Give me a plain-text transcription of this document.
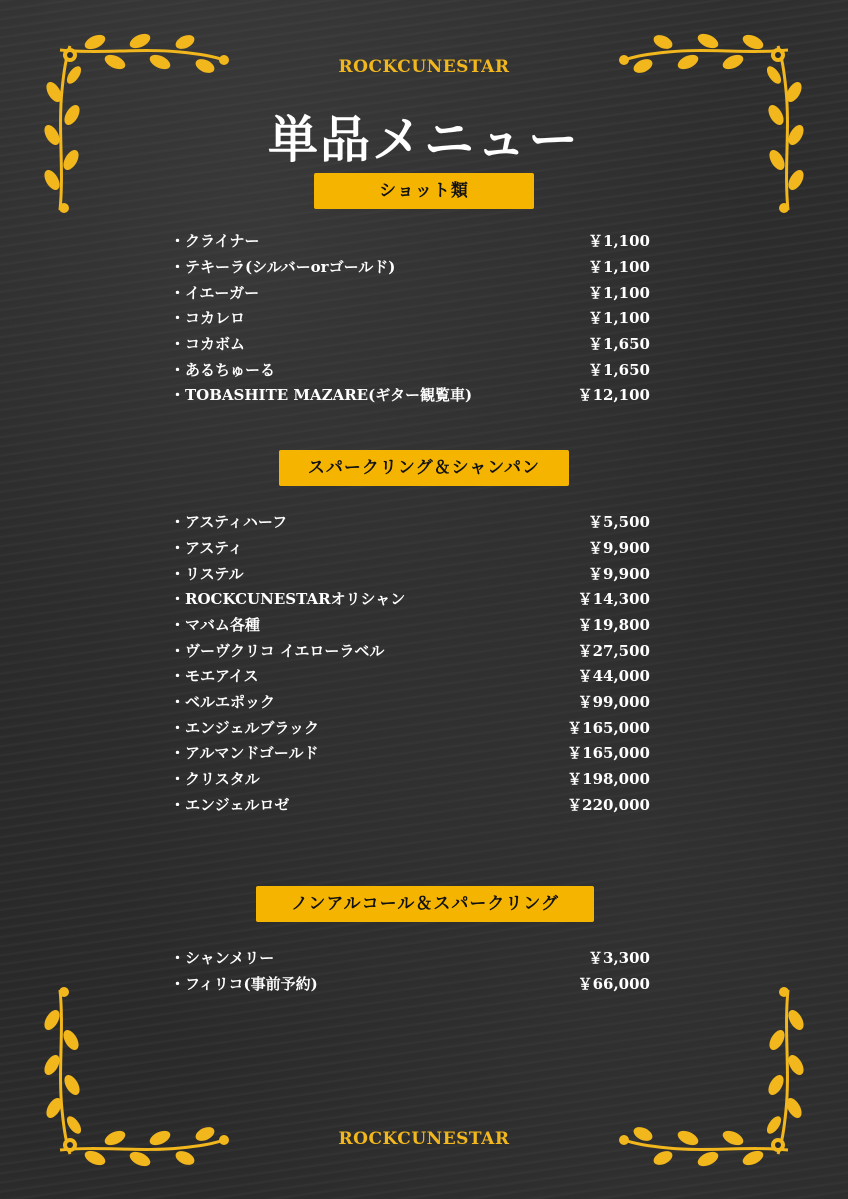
ROCKCUNESTAR
単品メニュー
ショット類
・クライナー	￥1,100
・テキーラ(シルバーorゴールド)	￥1,100
・イエーガー	￥1,100
・コカレロ	￥1,100
・コカボム	￥1,650
・あるちゅーる	￥1,650
・TOBASHITE MAZARE(ギター観覧車)	￥12,100
スパークリング＆シャンパン
・アスティハーフ	￥5,500
・アスティ	￥9,900
・リステル	￥9,900
・ROCKCUNESTARオリシャン	￥14,300
・マバム各種	￥19,800
・ヴーヴクリコ イエローラベル	￥27,500
・モエアイス	￥44,000
・ベルエポック	￥99,000
・エンジェルブラック	￥165,000
・アルマンドゴールド	￥165,000
・クリスタル	￥198,000
・エンジェルロゼ	￥220,000
ノンアルコール＆スパークリング
・シャンメリー	￥3,300
・フィリコ(事前予約)	￥66,000
ROCKCUNESTAR
